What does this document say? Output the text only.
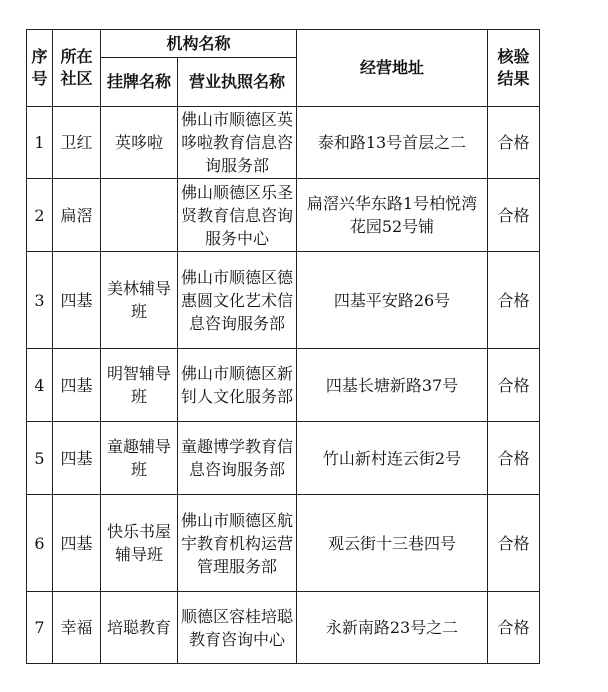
序号	所在社区	机构名称		经营地址	核验结果
		挂牌名称	营业执照名称		
1	卫红	英哆啦	佛山市顺德区英哆啦教育信息咨询服务部	泰和路13号首层之二	合格
2	扁滘		佛山顺德区乐圣贤教育信息咨询服务中心	扁滘兴华东路1号柏悦湾花园52号铺	合格
3	四基	美林辅导班	佛山市顺德区德惠圆文化艺术信息咨询服务部	四基平安路26号	合格
4	四基	明智辅导班	佛山市顺德区新钊人文化服务部	四基长塘新路37号	合格
5	四基	童趣辅导班	童趣博学教育信息咨询服务部	竹山新村连云街2号	合格
6	四基	快乐书屋辅导班	佛山市顺德区航宇教育机构运营管理服务部	观云街十三巷四号	合格
7	幸福	培聪教育	顺德区容桂培聪教育咨询中心	永新南路23号之二	合格
